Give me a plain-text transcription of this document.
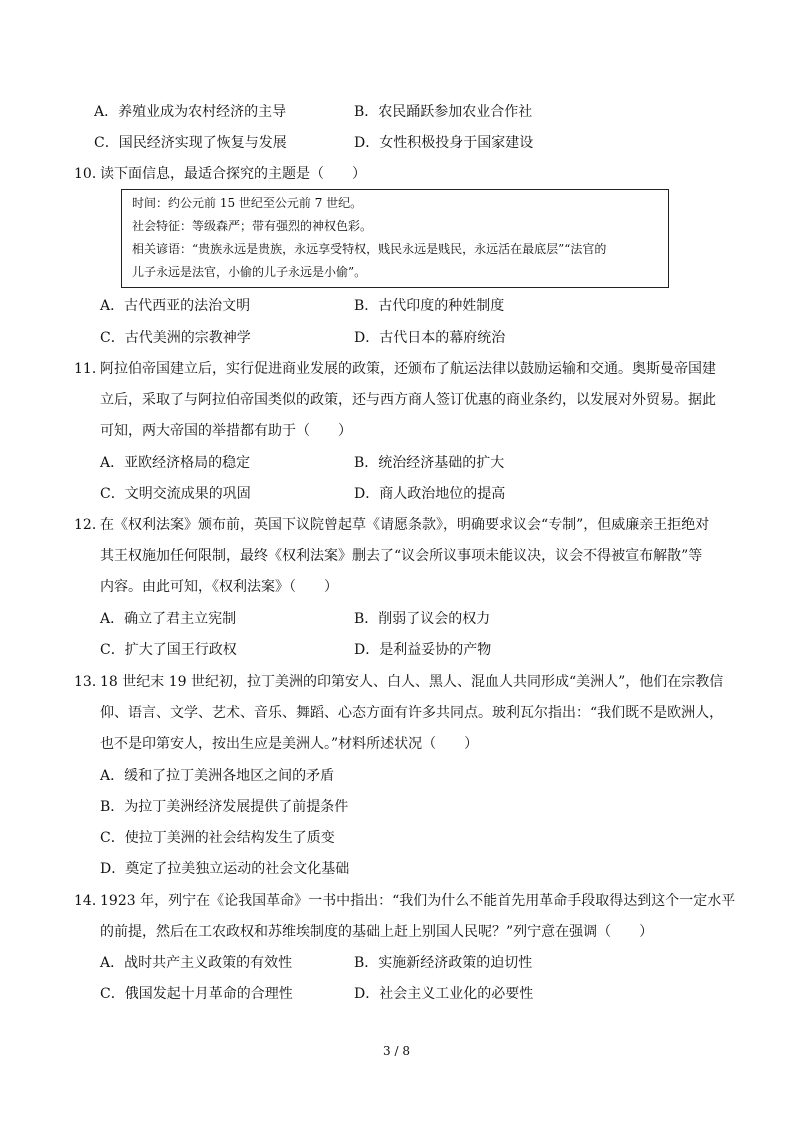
A．养殖业成为农村经济的主导	B．农民踊跃参加农业合作社
C．国民经济实现了恢复与发展	D．女性积极投身于国家建设
10．
读下面信息，最适合探究的主题是（　　）
时间：约公元前 15 世纪至公元前 7 世纪。
社会特征：等级森严；带有强烈的神权色彩。
相关谚语：“贵族永远是贵族，永远享受特权，贱民永远是贱民，永远活在最底层”“法官的
儿子永远是法官，小偷的儿子永远是小偷”。
A．古代西亚的法治文明	B．古代印度的种姓制度
C．古代美洲的宗教神学	D．古代日本的幕府统治
11．
阿拉伯帝国建立后，实行促进商业发展的政策，还颁布了航运法律以鼓励运输和交通。奥斯曼帝国建
立后，采取了与阿拉伯帝国类似的政策，还与西方商人签订优惠的商业条约，以发展对外贸易。据此
可知，两大帝国的举措都有助于（　　）
A．亚欧经济格局的稳定	B．统治经济基础的扩大
C．文明交流成果的巩固	D．商人政治地位的提高
12．
在《权利法案》颁布前，英国下议院曾起草《请愿条款》，明确要求议会“专制”，但威廉亲王拒绝对
其王权施加任何限制，最终《权利法案》删去了“议会所议事项未能议决，议会不得被宣布解散”等
内容。由此可知，《权利法案》（　　）
A．确立了君主立宪制	B．削弱了议会的权力
C．扩大了国王行政权	D．是利益妥协的产物
13．
18 世纪末 19 世纪初，拉丁美洲的印第安人、白人、黑人、混血人共同形成“美洲人”，他们在宗教信
仰、语言、文学、艺术、音乐、舞蹈、心态方面有许多共同点。玻利瓦尔指出：“我们既不是欧洲人，
也不是印第安人，按出生应是美洲人。”材料所述状况（　　）
A．缓和了拉丁美洲各地区之间的矛盾
B．为拉丁美洲经济发展提供了前提条件
C．使拉丁美洲的社会结构发生了质变
D．奠定了拉美独立运动的社会文化基础
14．
1923 年，列宁在《论我国革命》一书中指出：“我们为什么不能首先用革命手段取得达到这个一定水平
的前提，然后在工农政权和苏维埃制度的基础上赶上别国人民呢？”列宁意在强调（　　）
A．战时共产主义政策的有效性	B．实施新经济政策的迫切性
C．俄国发起十月革命的合理性	D．社会主义工业化的必要性
3 / 8
